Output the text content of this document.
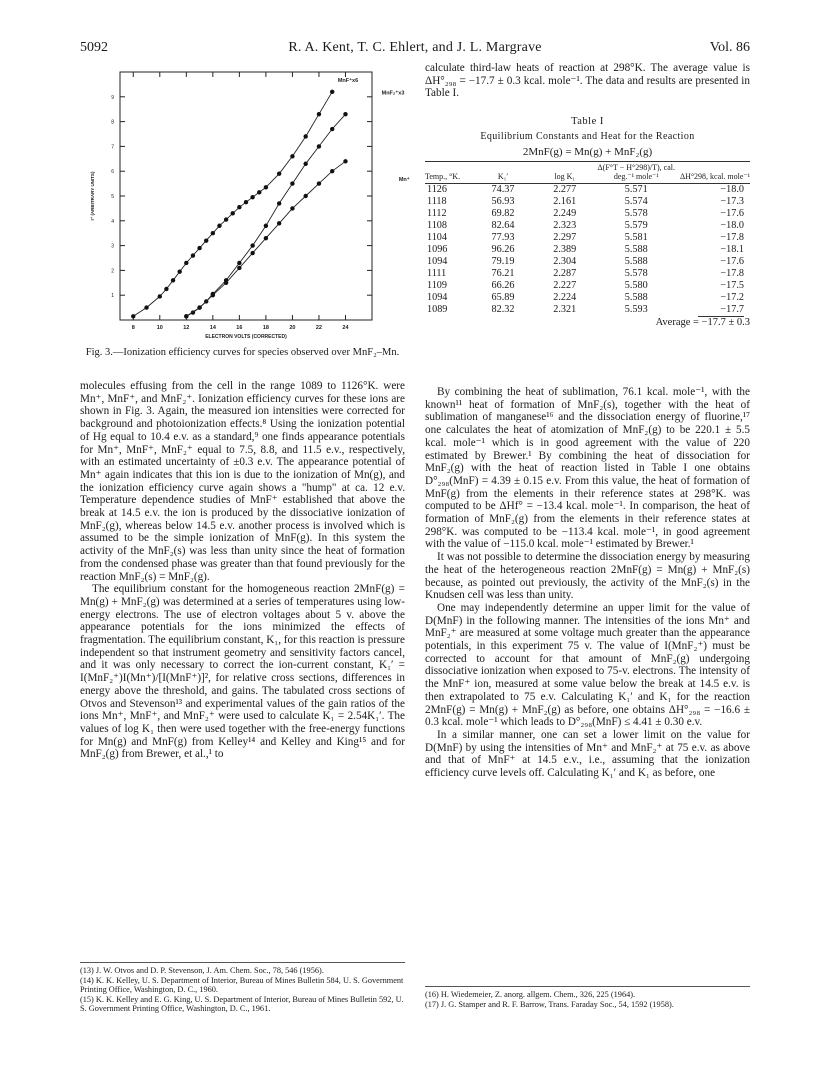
5092	R. A. Kent, T. C. Ehlert, and J. L. Margrave	Vol. 86
1
2
3
4
5
6
7
8
9
8	10	12	14	16	18	20	22	24
ELECTRON VOLTS (CORRECTED)
I⁺ (ARBITRARY UNITS)
MnF⁺x6
MnF₂⁺x3
Mn⁺
Fig. 3.—Ionization efficiency curves for species observed over MnF₂–Mn.

calculate third-law heats of reaction at 298°K. The average value is ΔH°₂₉₈ = −17.7 ± 0.3 kcal. mole⁻¹. The data and results are presented in Table I.

Table I
Equilibrium Constants and Heat for the Reaction
2MnF(g) = Mn(g) + MnF₂(g)
Temp., °K.	K₁′	log K₁	Δ(F°T − H°298)/T), cal. deg.⁻¹ mole⁻¹	ΔH°298, kcal. mole⁻¹
1126	74.37	2.277	5.571	−18.0
1118	56.93	2.161	5.574	−17.3
1112	69.82	2.249	5.578	−17.6
1108	82.64	2.323	5.579	−18.0
1104	77.93	2.297	5.581	−17.8
1096	96.26	2.389	5.588	−18.1
1094	79.19	2.304	5.588	−17.6
1111	76.21	2.287	5.578	−17.8
1109	66.26	2.227	5.580	−17.5
1094	65.89	2.224	5.588	−17.2
1089	82.32	2.321	5.593	−17.7
Average = −17.7 ± 0.3

molecules effusing from the cell in the range 1089 to 1126°K. were Mn⁺, MnF⁺, and MnF₂⁺. Ionization efficiency curves for these ions are shown in Fig. 3. Again, the measured ion intensities were corrected for background and photoionization effects.⁸ Using the ionization potential of Hg equal to 10.4 e.v. as a standard,⁹ one finds appearance potentials for Mn⁺, MnF⁺, MnF₂⁺ equal to 7.5, 8.8, and 11.5 e.v., respectively, with an estimated uncertainty of ±0.3 e.v. The appearance potential of Mn⁺ again indicates that this ion is due to the ionization of Mn(g), and the ionization efficiency curve again shows a "hump" at ca. 12 e.v. Temperature dependence studies of MnF⁺ established that above the break at 14.5 e.v. the ion is produced by the dissociative ionization of MnF₂(g), whereas below 14.5 e.v. another process is involved which is assumed to be the simple ionization of MnF(g). In this system the activity of the MnF₂(s) was less than unity since the heat of formation from the condensed phase was greater than that found previously for the reaction MnF₂(s) = MnF₂(g).

The equilibrium constant for the homogeneous reaction 2MnF(g) = Mn(g) + MnF₂(g) was determined at a series of temperatures using low-energy electrons. The use of electron voltages about 5 v. above the appearance potentials for the ions minimized the effects of fragmentation. The equilibrium constant, K₁, for this reaction is pressure independent so that instrument geometry and sensitivity factors cancel, and it was only necessary to correct the ion-current constant, K₁′ = I(MnF₂⁺)I(Mn⁺)/[I(MnF⁺)]², for relative cross sections, differences in energy above the threshold, and gains. The tabulated cross sections of Otvos and Stevenson¹³ and experimental values of the gain ratios of the ions Mn⁺, MnF⁺, and MnF₂⁺ were used to calculate K₁ = 2.54K₁′. The values of log K₁ then were used together with the free-energy functions for Mn(g) and MnF(g) from Kelley¹⁴ and Kelley and King¹⁵ and for MnF₂(g) from Brewer, et al.,¹ to

By combining the heat of sublimation, 76.1 kcal. mole⁻¹, with the known¹¹ heat of formation of MnF₂(s), together with the heat of sublimation of manganese¹⁶ and the dissociation energy of fluorine,¹⁷ one calculates the heat of atomization of MnF₂(g) to be 220.1 ± 5.5 kcal. mole⁻¹ which is in good agreement with the value of 220 estimated by Brewer.¹ By combining the heat of dissociation for MnF₂(g) with the heat of reaction listed in Table I one obtains D°₂₉₈(MnF) = 4.39 ± 0.15 e.v. From this value, the heat of formation of MnF(g) from the elements in their reference states at 298°K. was computed to be ΔHf° = −13.4 kcal. mole⁻¹. In comparison, the heat of formation of MnF₂(g) from the elements in their reference states at 298°K. was computed to be −113.4 kcal. mole⁻¹, in good agreement with the value of −115.0 kcal. mole⁻¹ estimated by Brewer.¹

It was not possible to determine the dissociation energy by measuring the heat of the heterogeneous reaction 2MnF(g) = Mn(g) + MnF₂(s) because, as pointed out previously, the activity of the MnF₂(s) in the Knudsen cell was less than unity.

One may independently determine an upper limit for the value of D(MnF) in the following manner. The intensities of the ions Mn⁺ and MnF₂⁺ are measured at some voltage much greater than the appearance potentials, in this experiment 75 v. The value of I(MnF₂⁺) must be corrected to account for that amount of MnF₂(g) undergoing dissociative ionization when exposed to 75-v. electrons. The intensity of the MnF⁺ ion, measured at some value below the break at 14.5 e.v. is then extrapolated to 75 e.v. Calculating K₁′ and K₁ for the reaction 2MnF(g) = Mn(g) + MnF₂(g) as before, one obtains ΔH°₂₉₈ = −16.6 ± 0.3 kcal. mole⁻¹ which leads to D°₂₉₈(MnF) ≤ 4.41 ± 0.30 e.v.

In a similar manner, one can set a lower limit on the value for D(MnF) by using the intensities of Mn⁺ and MnF₂⁺ at 75 e.v. as above and that of MnF⁺ at 14.5 e.v., i.e., assuming that the ionization efficiency curve levels off. Calculating K₁′ and K₁ as before, one

(13) J. W. Otvos and D. P. Stevenson, J. Am. Chem. Soc., 78, 546 (1956).
(14) K. K. Kelley, U. S. Department of Interior, Bureau of Mines Bulletin 584, U. S. Government Printing Office, Washington, D. C., 1960.
(15) K. K. Kelley and E. G. King, U. S. Department of Interior, Bureau of Mines Bulletin 592, U. S. Government Printing Office, Washington, D. C., 1961.
(16) H. Wiedemeier, Z. anorg. allgem. Chem., 326, 225 (1964).
(17) J. G. Stamper and R. F. Barrow, Trans. Faraday Soc., 54, 1592 (1958).
